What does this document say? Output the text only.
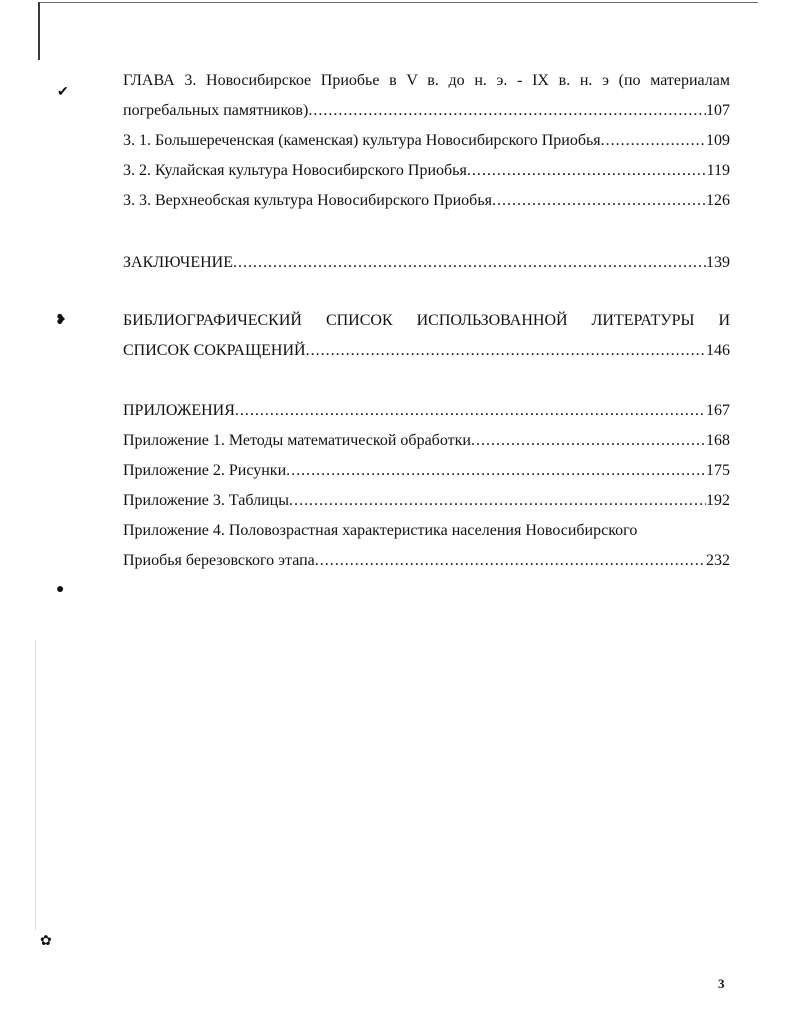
✔
❥
●
✿
ГЛАВА 3. Новосибирское Приобье в V в. до н. э. - IX в. н. э (по материалам
погребальных памятников) .....	107
3. 1. Большереченская (каменская) культура Новосибирского Приобья .....	109
3. 2. Кулайская культура Новосибирского Приобья .....	119
3. 3. Верхнеобская культура Новосибирского Приобья .....	126
ЗАКЛЮЧЕНИЕ .....	139
БИБЛИОГРАФИЧЕСКИЙ СПИСОК ИСПОЛЬЗОВАННОЙ ЛИТЕРАТУРЫ И
СПИСОК СОКРАЩЕНИЙ .....	146
ПРИЛОЖЕНИЯ .....	167
Приложение 1. Методы математической обработки .....	168
Приложение 2. Рисунки .....	175
Приложение 3. Таблицы .....	192
Приложение 4. Половозрастная характеристика населения Новосибирского
Приобья березовского этапа .....	232
3
